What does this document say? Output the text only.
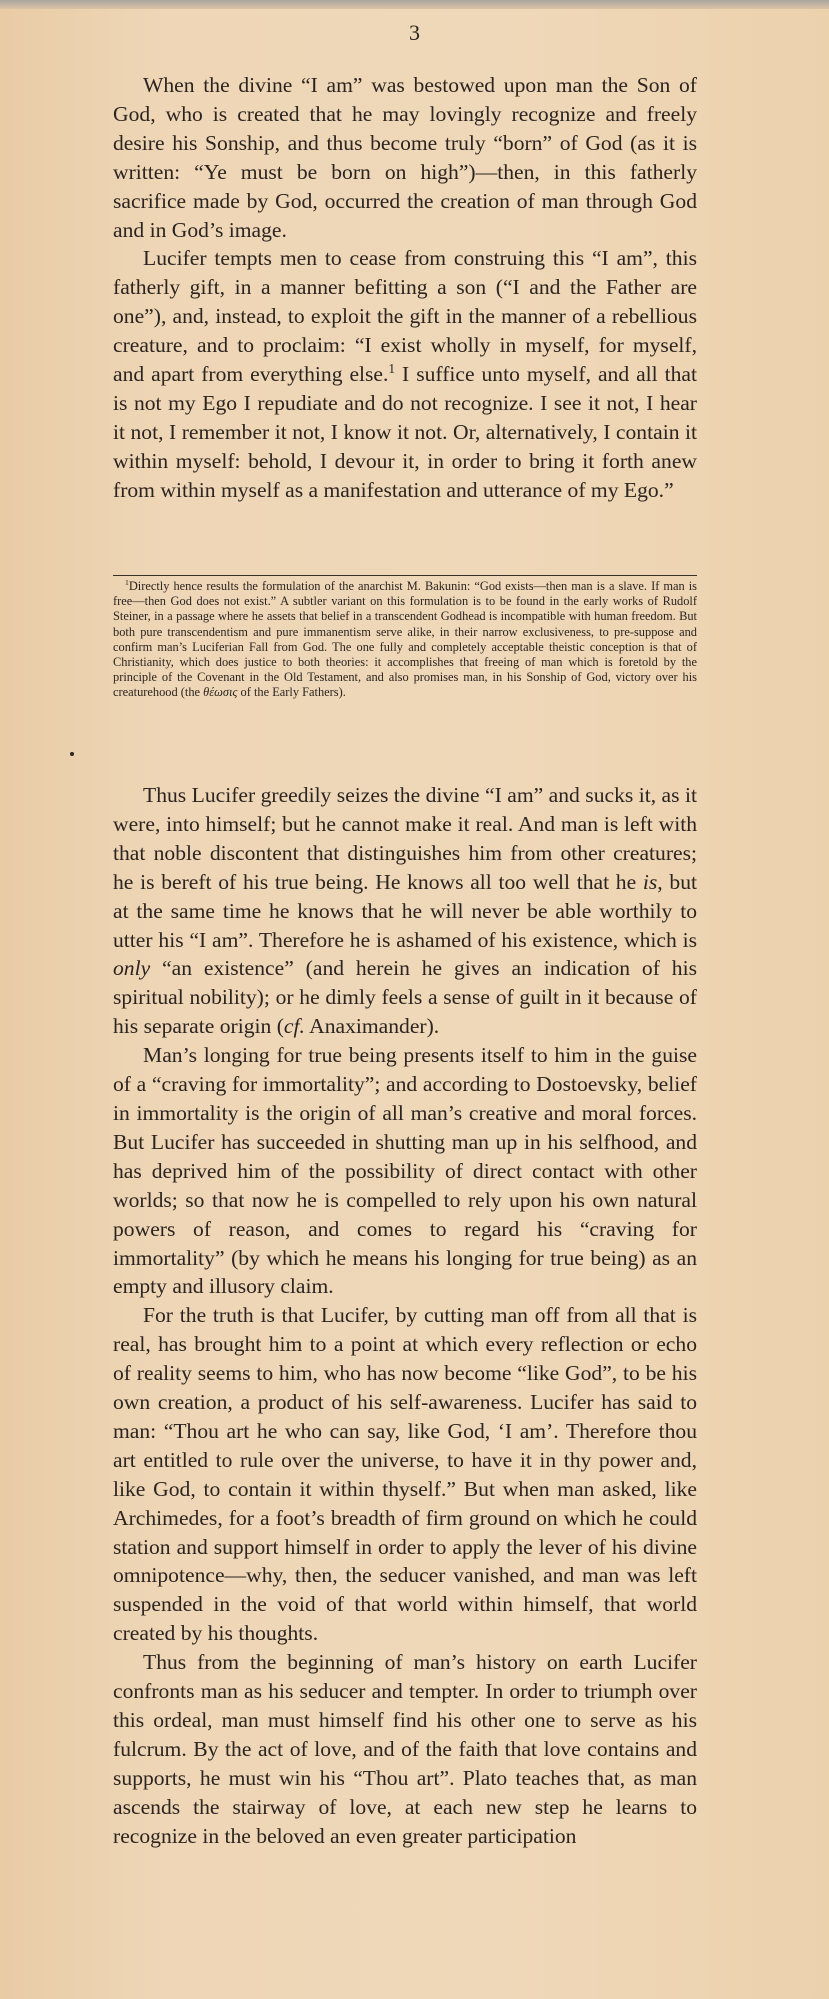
3

When the divine “I am” was bestowed upon man the Son of God, who is created that he may lovingly recognize and freely desire his Sonship, and thus become truly “born” of God (as it is written: “Ye must be born on high”)—then, in this fatherly sacrifice made by God, occurred the creation of man through God and in God’s image.

Lucifer tempts men to cease from construing this “I am”, this fatherly gift, in a manner befitting a son (“I and the Father are one”), and, instead, to exploit the gift in the manner of a rebellious creature, and to proclaim: “I exist wholly in myself, for myself, and apart from everything else.$^1$ I suffice unto myself, and all that is not my Ego I repudiate and do not recognize. I see it not, I hear it not, I remember it not, I know it not. Or, alternatively, I contain it within myself: behold, I devour it, in order to bring it forth anew from within myself as a manifestation and utterance of my Ego.”

$^1$Directly hence results the formulation of the anarchist M. Bakunin: “God exists—then man is a slave. If man is free—then God does not exist.” A subtler variant on this formulation is to be found in the early works of Rudolf Steiner, in a passage where he assets that belief in a transcendent Godhead is incompatible with human freedom. But both pure transcendentism and pure immanentism serve alike, in their narrow exclusiveness, to pre-suppose and confirm man’s Luciferian Fall from God. The one fully and completely acceptable theistic conception is that of Christianity, which does justice to both theories: it accomplishes that freeing of man which is foretold by the principle of the Covenant in the Old Testament, and also promises man, in his Sonship of God, victory over his creaturehood (the θέωσις of the Early Fathers).

Thus Lucifer greedily seizes the divine “I am” and sucks it, as it were, into himself; but he cannot make it real. And man is left with that noble discontent that distinguishes him from other creatures; he is bereft of his true being. He knows all too well that he is, but at the same time he knows that he will never be able worthily to utter his “I am”. Therefore he is ashamed of his existence, which is only “an existence” (and herein he gives an indication of his spiritual nobility); or he dimly feels a sense of guilt in it because of his separate origin (cf. Anaximander).

Man’s longing for true being presents itself to him in the guise of a “craving for immortality”; and according to Dostoevsky, belief in immortality is the origin of all man’s creative and moral forces. But Lucifer has succeeded in shutting man up in his selfhood, and has deprived him of the possibility of direct contact with other worlds; so that now he is compelled to rely upon his own natural powers of reason, and comes to regard his “craving for immortality” (by which he means his longing for true being) as an empty and illusory claim.

For the truth is that Lucifer, by cutting man off from all that is real, has brought him to a point at which every reflection or echo of reality seems to him, who has now become “like God”, to be his own creation, a product of his self-awareness. Lucifer has said to man: “Thou art he who can say, like God, ‘I am’. Therefore thou art entitled to rule over the universe, to have it in thy power and, like God, to contain it within thyself.” But when man asked, like Archimedes, for a foot’s breadth of firm ground on which he could station and support himself in order to apply the lever of his divine omnipotence—why, then, the seducer vanished, and man was left suspended in the void of that world within himself, that world created by his thoughts.

Thus from the beginning of man’s history on earth Lucifer confronts man as his seducer and tempter. In order to triumph over this ordeal, man must himself find his other one to serve as his fulcrum. By the act of love, and of the faith that love contains and supports, he must win his “Thou art”. Plato teaches that, as man ascends the stairway of love, at each new step he learns to recognize in the beloved an even greater participation
